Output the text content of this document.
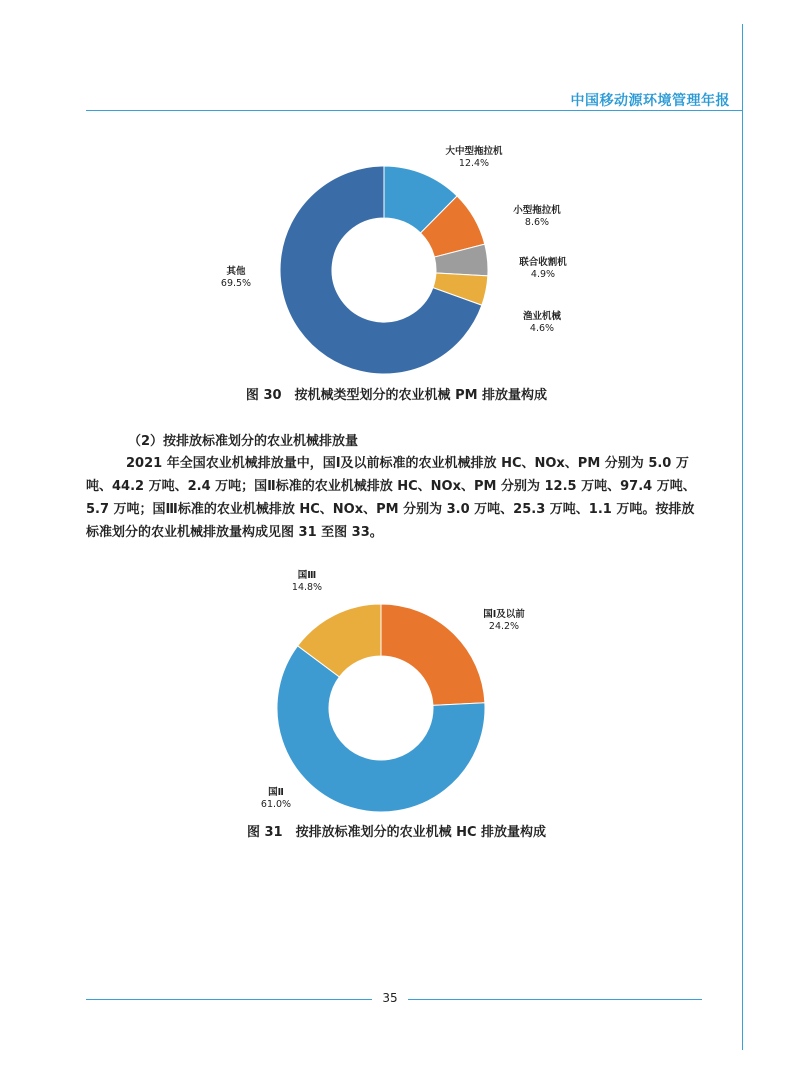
中国移动源环境管理年报
大中型拖拉机
12.4%
小型拖拉机
8.6%
联合收割机
4.9%
渔业机械
4.6%
其他
69.5%
图 30　按机械类型划分的农业机械 PM 排放量构成
（2）按排放标准划分的农业机械排放量

2021 年全国农业机械排放量中，国Ⅰ及以前标准的农业机械排放 HC、NOx、PM 分别为 5.0 万吨、44.2 万吨、2.4 万吨；国Ⅱ标准的农业机械排放 HC、NOx、PM 分别为 12.5 万吨、97.4 万吨、5.7 万吨；国Ⅲ标准的农业机械排放 HC、NOx、PM 分别为 3.0 万吨、25.3 万吨、1.1 万吨。按排放标准划分的农业机械排放量构成见图 31 至图 33。

国Ⅲ
14.8%
国Ⅰ及以前
24.2%
国Ⅱ
61.0%
图 31　按排放标准划分的农业机械 HC 排放量构成
35
